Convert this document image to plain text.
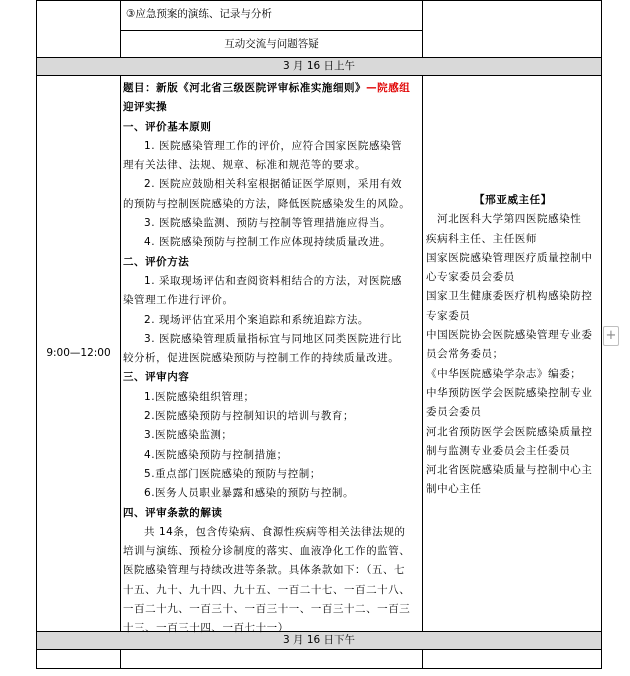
③应急预案的演练、记录与分析
互动交流与问题答疑
3 月 16 日上午
3 月 16 日下午
9:00—12:00

题目：新版《河北省三级医院评审标准实施细则》—院感组

迎评实操

一、评价基本原则

1. 医院感染管理工作的评价，应符合国家医院感染管

理有关法律、法规、规章、标准和规范等的要求。

2. 医院应鼓励相关科室根据循证医学原则，采用有效

的预防与控制医院感染的方法，降低医院感染发生的风险。

3. 医院感染监测、预防与控制等管理措施应得当。

4. 医院感染预防与控制工作应体现持续质量改进。

二、评价方法

1. 采取现场评估和查阅资料相结合的方法，对医院感

染管理工作进行评价。

2. 现场评估宜采用个案追踪和系统追踪方法。

3. 医院感染管理质量指标宜与同地区同类医院进行比

较分析，促进医院感染预防与控制工作的持续质量改进。

三、评审内容

1.医院感染组织管理；

2.医院感染预防与控制知识的培训与教育；

3.医院感染监测；

4.医院感染预防与控制措施；

5.重点部门医院感染的预防与控制；

6.医务人员职业暴露和感染的预防与控制。

四、评审条款的解读

共 14条，包含传染病、食源性疾病等相关法律法规的

培训与演练、预检分诊制度的落实、血液净化工作的监管、

医院感染管理与持续改进等条款。具体条款如下：（五、七

十五、九十、九十四、九十五、一百二十七、一百二十八、

一百二十九、一百三十、一百三十一、一百三十二、一百三

十三、一百三十四、一百七十一）

【邢亚威主任】

　河北医科大学第四医院感染性

疾病科主任、主任医师

国家医院感染管理医疗质量控制中

心专家委员会委员

国家卫生健康委医疗机构感染防控

专家委员

中国医院协会医院感染管理专业委

员会常务委员；

《中华医院感染学杂志》编委；

中华预防医学会医院感染控制专业

委员会委员

河北省预防医学会医院感染质量控

制与监测专业委员会主任委员

河北省医院感染质量与控制中心主

制中心主任

+
